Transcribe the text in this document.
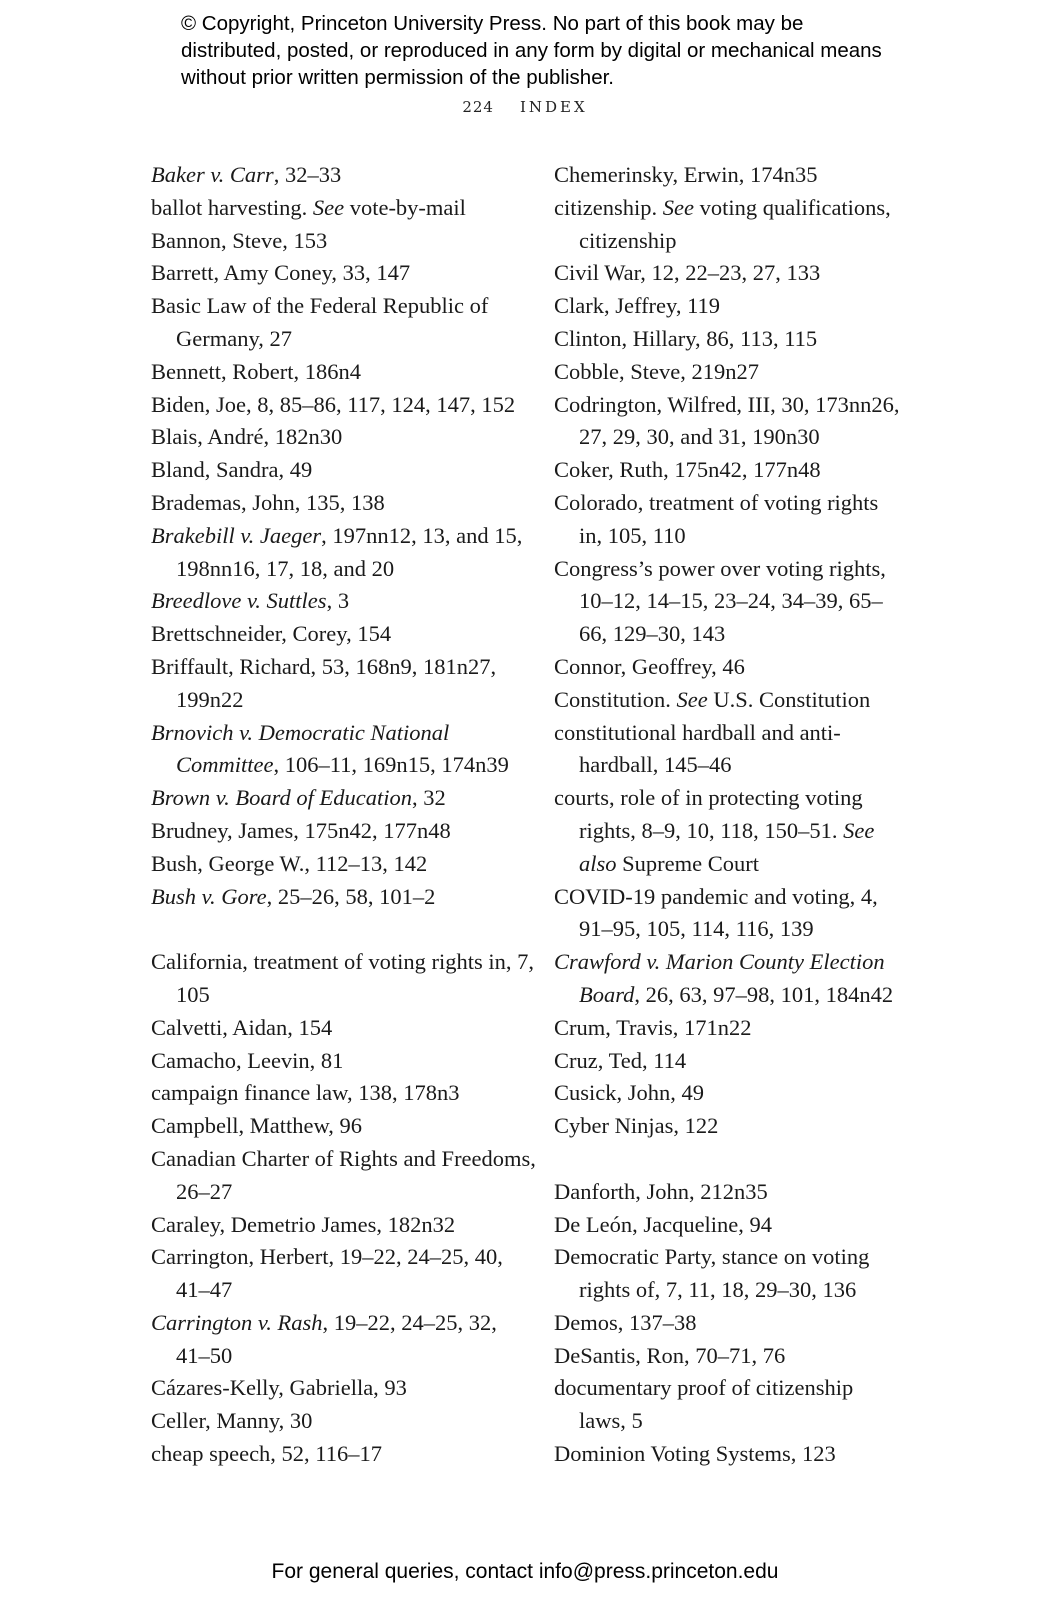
© Copyright, Princeton University Press. No part of this book may be distributed, posted, or reproduced in any form by digital or mechanical means without prior written permission of the publisher.
224 INDEX

Baker v. Carr, 32–33

ballot harvesting. See vote-by-mail

Bannon, Steve, 153

Barrett, Amy Coney, 33, 147

Basic Law of the Federal Republic of Germany, 27

Bennett, Robert, 186n4

Biden, Joe, 8, 85–86, 117, 124, 147, 152

Blais, André, 182n30

Bland, Sandra, 49

Brademas, John, 135, 138

Brakebill v. Jaeger, 197nn12, 13, and 15, 198nn16, 17, 18, and 20

Breedlove v. Suttles, 3

Brettschneider, Corey, 154

Briffault, Richard, 53, 168n9, 181n27, 199n22

Brnovich v. Democratic National Committee, 106–11, 169n15, 174n39

Brown v. Board of Education, 32

Brudney, James, 175n42, 177n48

Bush, George W., 112–13, 142

Bush v. Gore, 25–26, 58, 101–2

California, treatment of voting rights in, 7, 105

Calvetti, Aidan, 154

Camacho, Leevin, 81

campaign finance law, 138, 178n3

Campbell, Matthew, 96

Canadian Charter of Rights and Freedoms, 26–27

Caraley, Demetrio James, 182n32

Carrington, Herbert, 19–22, 24–25, 40, 41–47

Carrington v. Rash, 19–22, 24–25, 32, 41–50

Cázares-Kelly, Gabriella, 93

Celler, Manny, 30

cheap speech, 52, 116–17

Chemerinsky, Erwin, 174n35

citizenship. See voting qualifications, citizenship

Civil War, 12, 22–23, 27, 133

Clark, Jeffrey, 119

Clinton, Hillary, 86, 113, 115

Cobble, Steve, 219n27

Codrington, Wilfred, III, 30, 173nn26, 27, 29, 30, and 31, 190n30

Coker, Ruth, 175n42, 177n48

Colorado, treatment of voting rights in, 105, 110

Congress’s power over voting rights, 10–12, 14–15, 23–24, 34–39, 65–66, 129–30, 143

Connor, Geoffrey, 46

Constitution. See U.S. Constitution

constitutional hardball and anti-hardball, 145–46

courts, role of in protecting voting rights, 8–9, 10, 118, 150–51. See also Supreme Court

COVID-19 pandemic and voting, 4, 91–95, 105, 114, 116, 139

Crawford v. Marion County Election Board, 26, 63, 97–98, 101, 184n42

Crum, Travis, 171n22

Cruz, Ted, 114

Cusick, John, 49

Cyber Ninjas, 122

Danforth, John, 212n35

De León, Jacqueline, 94

Democratic Party, stance on voting rights of, 7, 11, 18, 29–30, 136

Demos, 137–38

DeSantis, Ron, 70–71, 76

documentary proof of citizenship laws, 5

Dominion Voting Systems, 123

For general queries, contact info@press.princeton.edu
